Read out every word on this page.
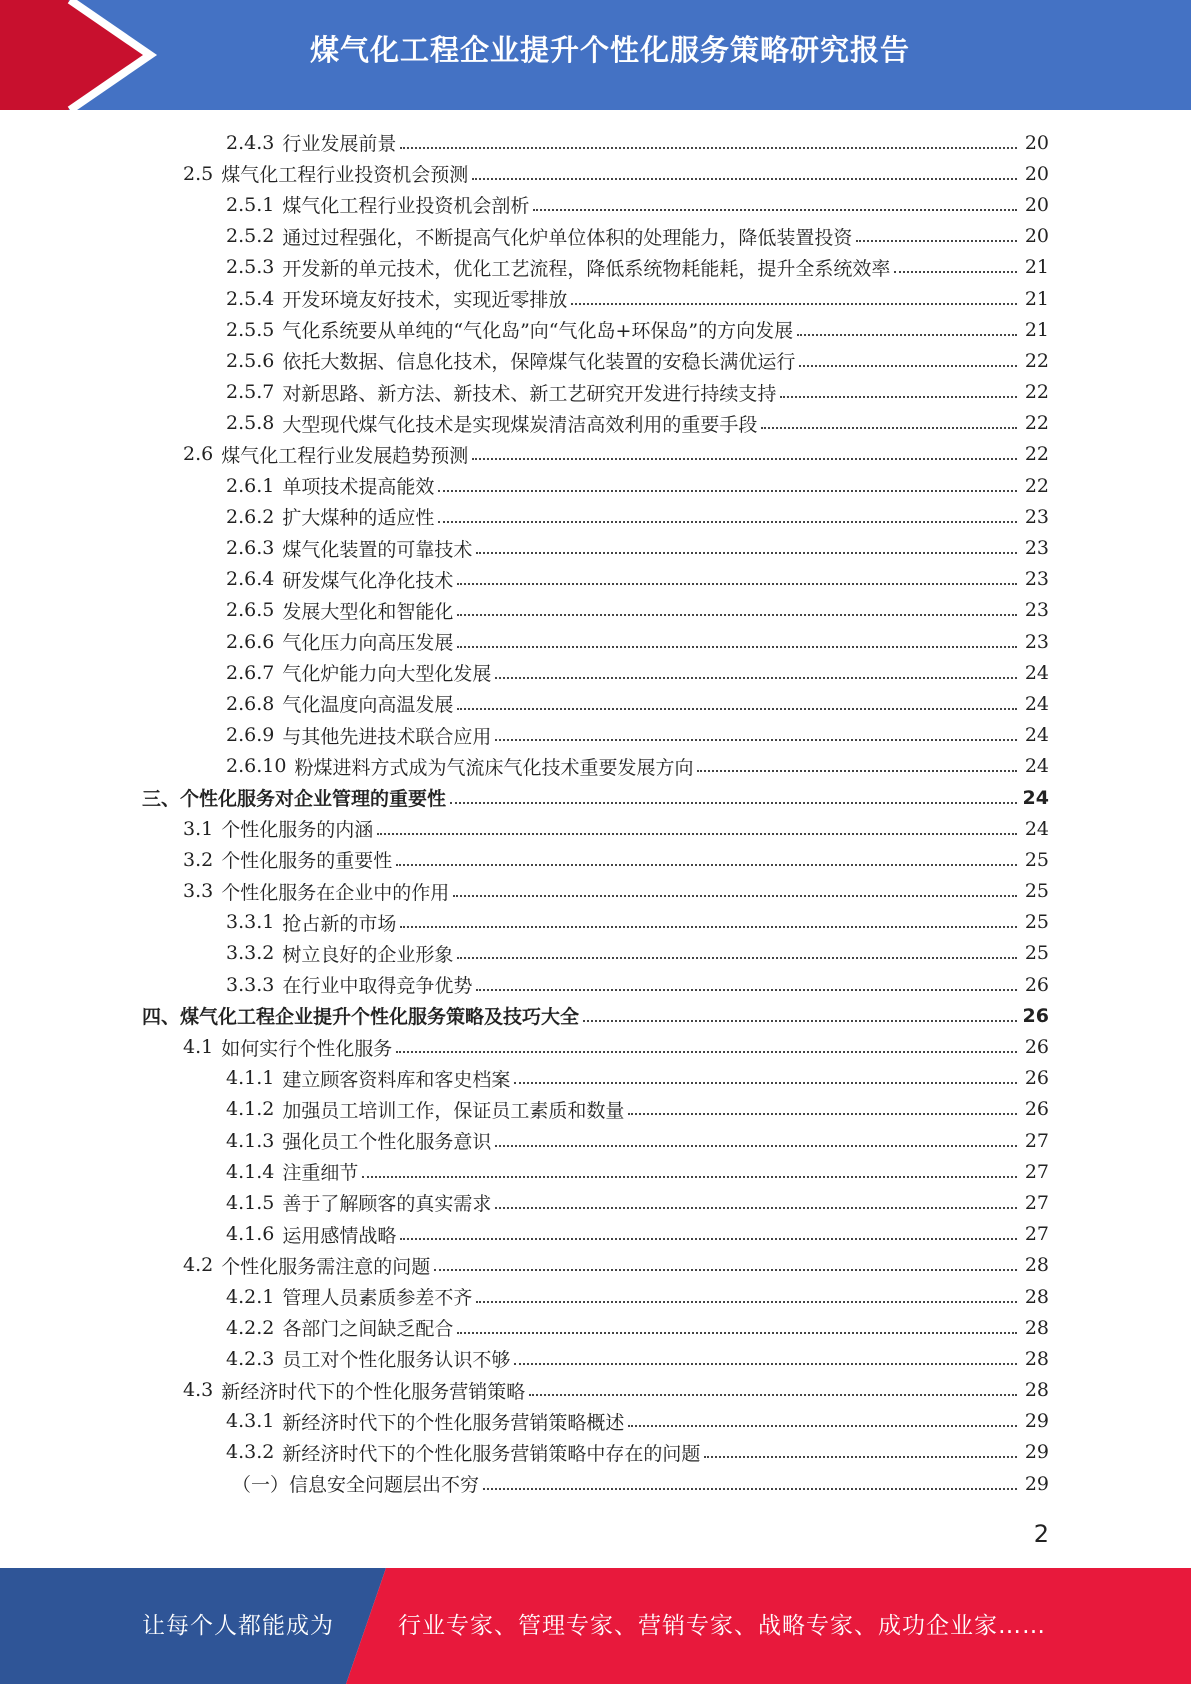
煤气化工程企业提升个性化服务策略研究报告
2.4.3 行业发展前景	20
2.5 煤气化工程行业投资机会预测	20
2.5.1 煤气化工程行业投资机会剖析	20
2.5.2 通过过程强化，不断提高气化炉单位体积的处理能力，降低装置投资	20
2.5.3 开发新的单元技术，优化工艺流程，降低系统物耗能耗，提升全系统效率	21
2.5.4 开发环境友好技术，实现近零排放	21
2.5.5 气化系统要从单纯的“气化岛”向“气化岛+环保岛”的方向发展	21
2.5.6 依托大数据、信息化技术，保障煤气化装置的安稳长满优运行	22
2.5.7 对新思路、新方法、新技术、新工艺研究开发进行持续支持	22
2.5.8 大型现代煤气化技术是实现煤炭清洁高效利用的重要手段	22
2.6 煤气化工程行业发展趋势预测	22
2.6.1 单项技术提高能效	22
2.6.2 扩大煤种的适应性	23
2.6.3 煤气化装置的可靠技术	23
2.6.4 研发煤气化净化技术	23
2.6.5 发展大型化和智能化	23
2.6.6 气化压力向高压发展	23
2.6.7 气化炉能力向大型化发展	24
2.6.8 气化温度向高温发展	24
2.6.9 与其他先进技术联合应用	24
2.6.10 粉煤进料方式成为气流床气化技术重要发展方向	24
三、个性化服务对企业管理的重要性	24
3.1 个性化服务的内涵	24
3.2 个性化服务的重要性	25
3.3 个性化服务在企业中的作用	25
3.3.1 抢占新的市场	25
3.3.2 树立良好的企业形象	25
3.3.3 在行业中取得竞争优势	26
四、煤气化工程企业提升个性化服务策略及技巧大全	26
4.1 如何实行个性化服务	26
4.1.1 建立顾客资料库和客史档案	26
4.1.2 加强员工培训工作，保证员工素质和数量	26
4.1.3 强化员工个性化服务意识	27
4.1.4 注重细节	27
4.1.5 善于了解顾客的真实需求	27
4.1.6 运用感情战略	27
4.2 个性化服务需注意的问题	28
4.2.1 管理人员素质参差不齐	28
4.2.2 各部门之间缺乏配合	28
4.2.3 员工对个性化服务认识不够	28
4.3 新经济时代下的个性化服务营销策略	28
4.3.1 新经济时代下的个性化服务营销策略概述	29
4.3.2 新经济时代下的个性化服务营销策略中存在的问题	29
（一）信息安全问题层出不穷	29
2
让每个人都能成为	行业专家、管理专家、营销专家、战略专家、成功企业家……
